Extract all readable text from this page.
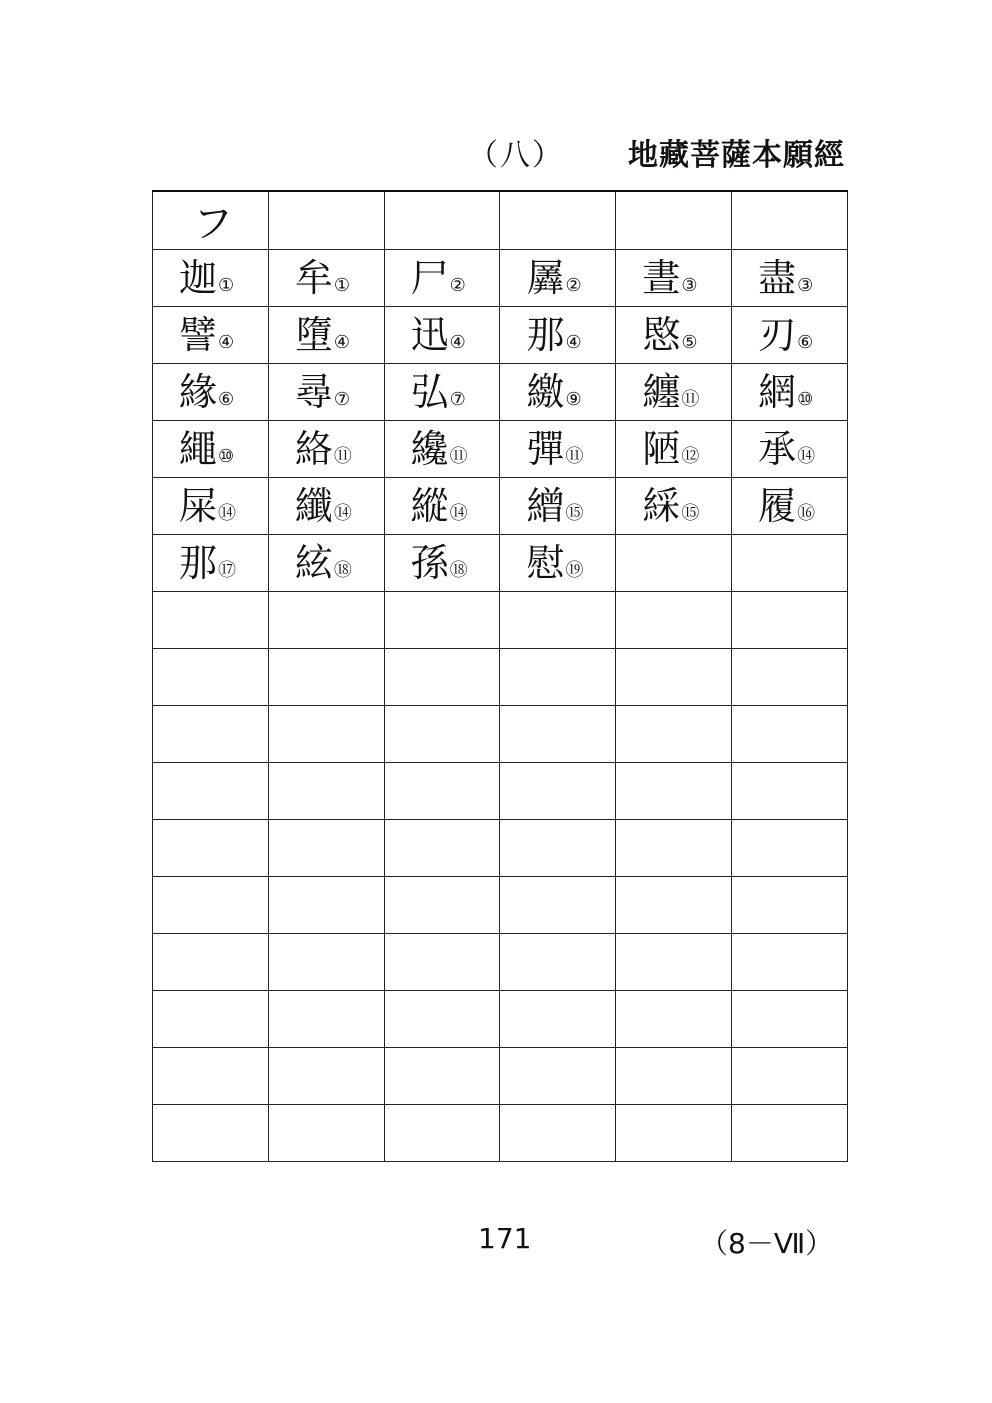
（八） 地藏菩薩本願經
フ					
迦①	牟①	尸②	羼②	晝③	盡③
譬④	墮④	迅④	那④	愍⑤	刃⑥
緣⑥	尋⑦	弘⑦	繳⑨	纏⑪	網⑩
繩⑩	絡⑪	纔⑪	彈⑪	陋⑫	承⑭
屎⑭	纖⑭	縱⑭	繒⑮	綵⑮	履⑯
那⑰	絃⑱	孫⑱	慰⑲		

171	（8－Ⅶ）
